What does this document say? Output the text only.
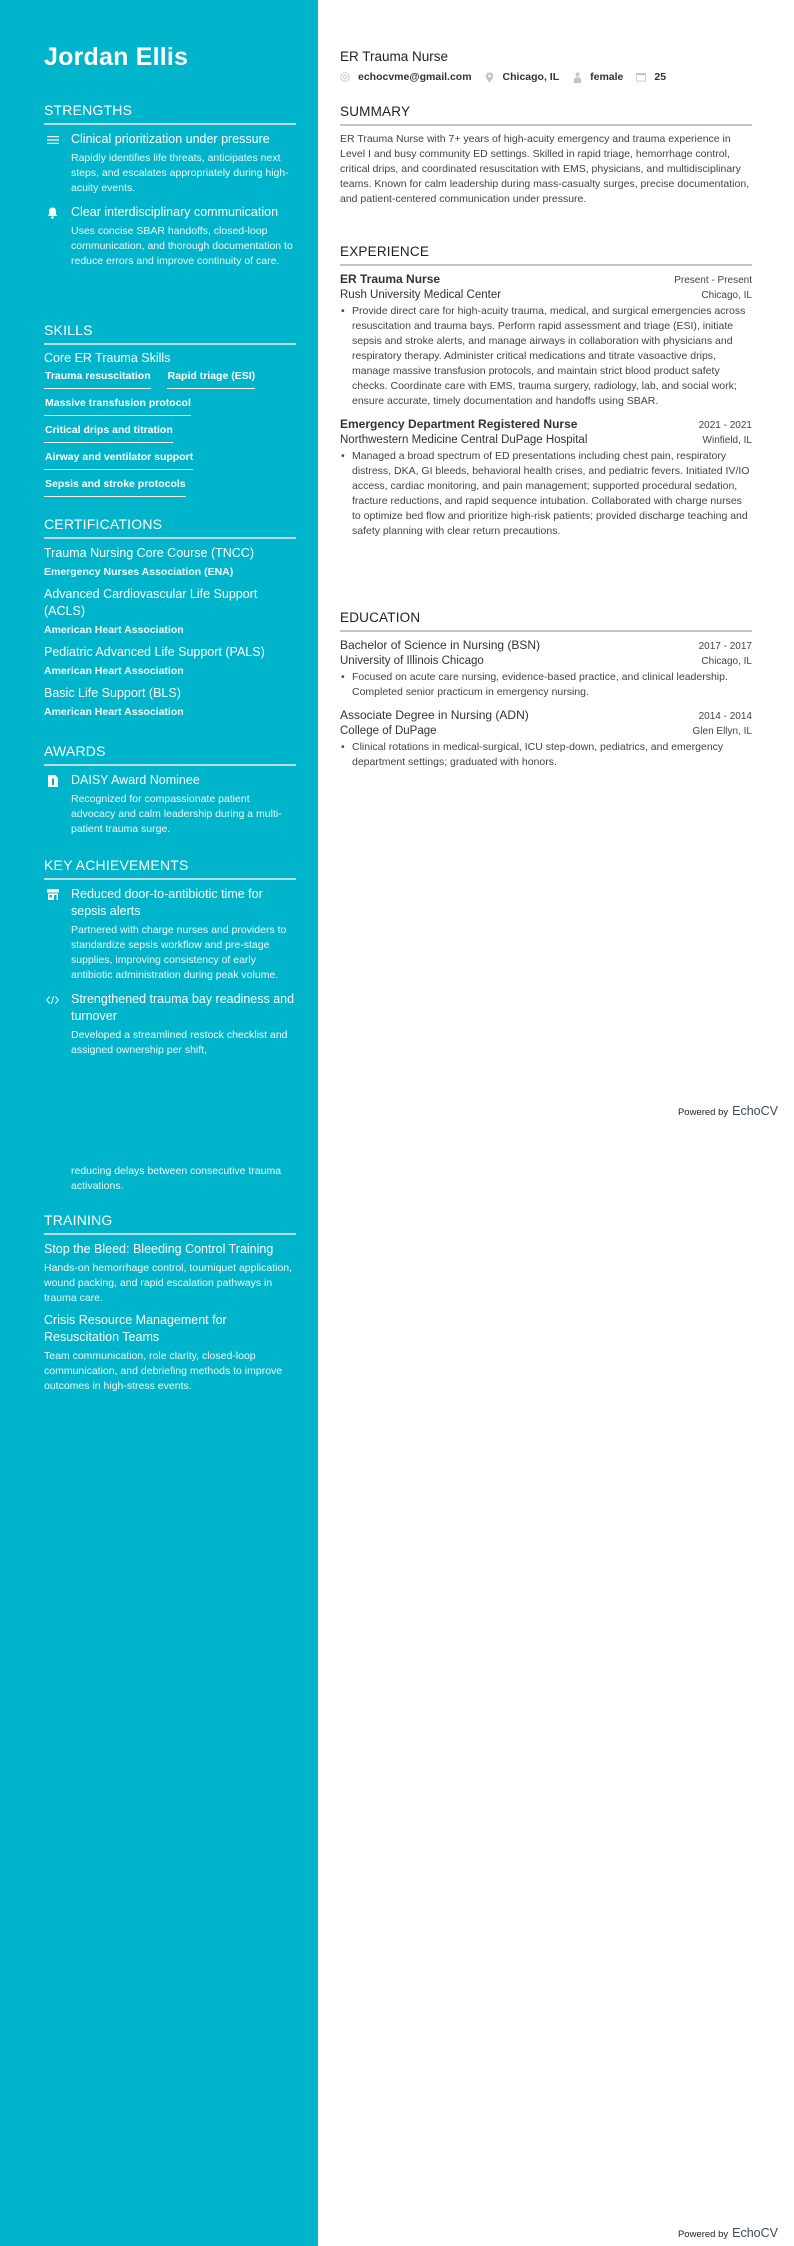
Jordan Ellis
STRENGTHS
Clinical prioritization under pressure
Rapidly identifies life threats, anticipates next steps, and escalates appropriately during high-acuity events.
Clear interdisciplinary communication
Uses concise SBAR handoffs, closed-loop communication, and thorough documentation to reduce errors and improve continuity of care.
SKILLS
Core ER Trauma Skills
Trauma resuscitation Rapid triage (ESI)
Massive transfusion protocol
Critical drips and titration
Airway and ventilator support
Sepsis and stroke protocols
CERTIFICATIONS
Trauma Nursing Core Course (TNCC)
Emergency Nurses Association (ENA)
Advanced Cardiovascular Life Support (ACLS)
American Heart Association
Pediatric Advanced Life Support (PALS)
American Heart Association
Basic Life Support (BLS)
American Heart Association
AWARDS
DAISY Award Nominee
Recognized for compassionate patient advocacy and calm leadership during a multi-patient trauma surge.
KEY ACHIEVEMENTS
Reduced door-to-antibiotic time for sepsis alerts
Partnered with charge nurses and providers to standardize sepsis workflow and pre-stage supplies, improving consistency of early antibiotic administration during peak volume.
Strengthened trauma bay readiness and turnover
Developed a streamlined restock checklist and assigned ownership per shift,
reducing delays between consecutive trauma activations.
TRAINING
Stop the Bleed: Bleeding Control Training
Hands-on hemorrhage control, tourniquet application, wound packing, and rapid escalation pathways in trauma care.
Crisis Resource Management for Resuscitation Teams
Team communication, role clarity, closed-loop communication, and debriefing methods to improve outcomes in high-stress events.
ER Trauma Nurse
echocvme@gmail.com	Chicago, IL	female	25
SUMMARY
ER Trauma Nurse with 7+ years of high-acuity emergency and trauma experience in Level I and busy community ED settings. Skilled in rapid triage, hemorrhage control, critical drips, and coordinated resuscitation with EMS, physicians, and multidisciplinary teams. Known for calm leadership during mass-casualty surges, precise documentation, and patient-centered communication under pressure.
EXPERIENCE
ER Trauma Nurse	Present - Present
Rush University Medical Center	Chicago, IL
• Provide direct care for high-acuity trauma, medical, and surgical emergencies across resuscitation and trauma bays. Perform rapid assessment and triage (ESI), initiate sepsis and stroke alerts, and manage airways in collaboration with physicians and respiratory therapy. Administer critical medications and titrate vasoactive drips, manage massive transfusion protocols, and maintain strict blood product safety checks. Coordinate care with EMS, trauma surgery, radiology, lab, and social work; ensure accurate, timely documentation and handoffs using SBAR.
Emergency Department Registered Nurse	2021 - 2021
Northwestern Medicine Central DuPage Hospital	Winfield, IL
• Managed a broad spectrum of ED presentations including chest pain, respiratory distress, DKA, GI bleeds, behavioral health crises, and pediatric fevers. Initiated IV/IO access, cardiac monitoring, and pain management; supported procedural sedation, fracture reductions, and rapid sequence intubation. Collaborated with charge nurses to optimize bed flow and prioritize high-risk patients; provided discharge teaching and safety planning with clear return precautions.
EDUCATION
Bachelor of Science in Nursing (BSN)	2017 - 2017
University of Illinois Chicago	Chicago, IL
• Focused on acute care nursing, evidence-based practice, and clinical leadership. Completed senior practicum in emergency nursing.
Associate Degree in Nursing (ADN)	2014 - 2014
College of DuPage	Glen Ellyn, IL
• Clinical rotations in medical-surgical, ICU step-down, pediatrics, and emergency department settings; graduated with honors.
Powered by EchoCV
Powered by EchoCV
